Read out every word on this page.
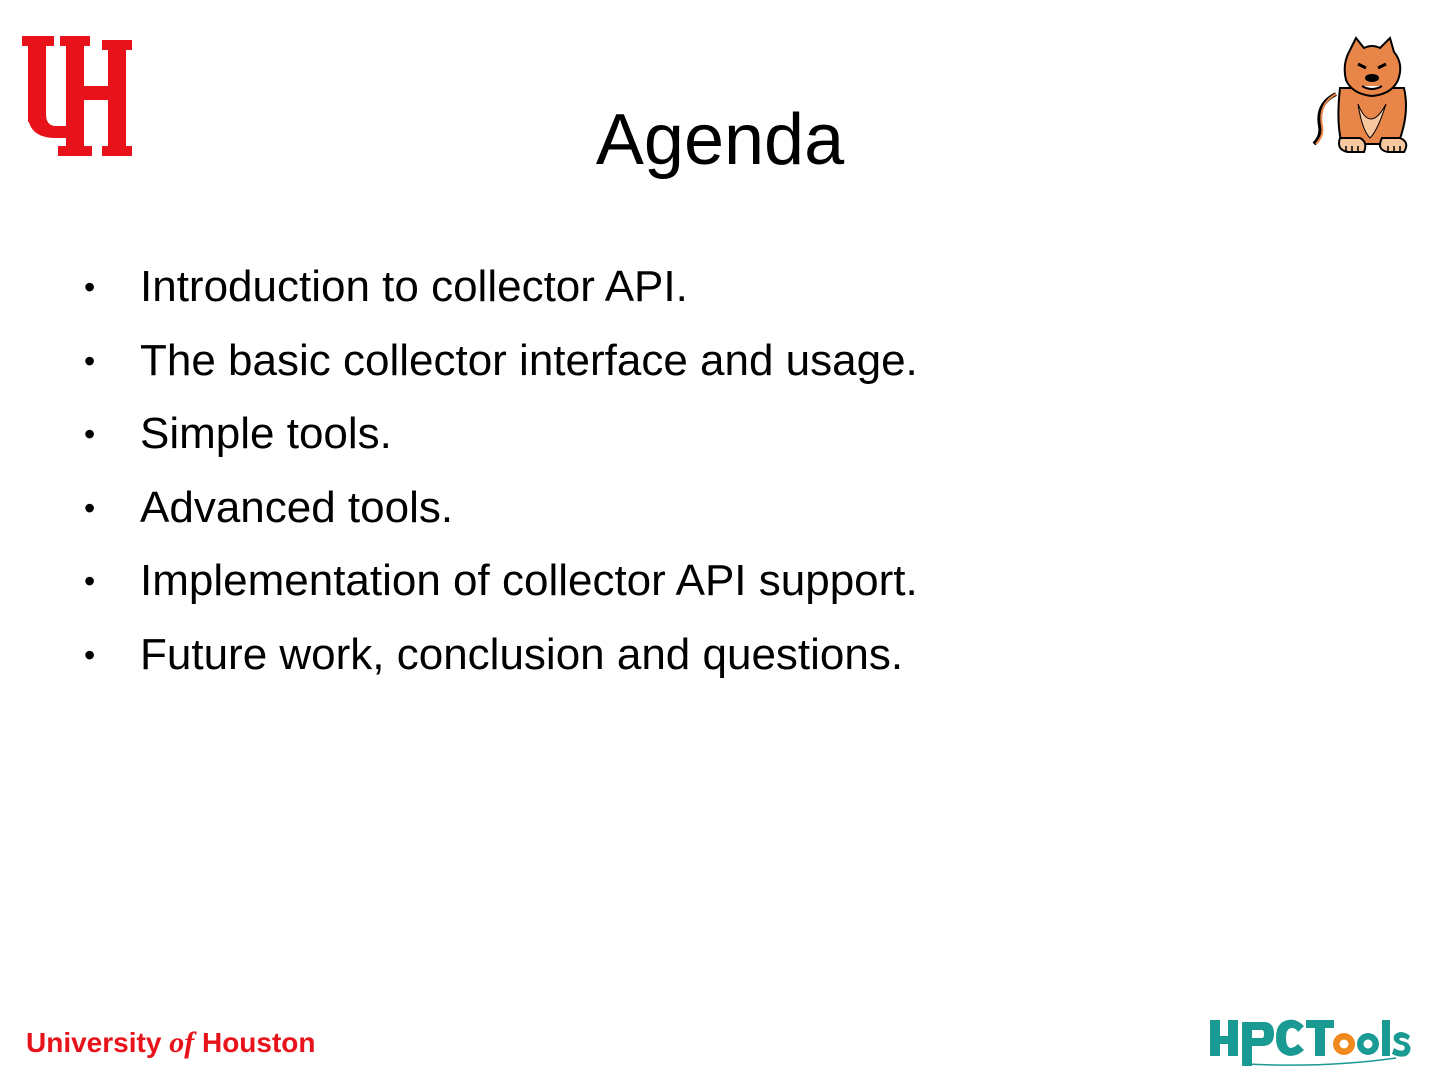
Agenda
• Introduction to collector API.
• The basic collector interface and usage.
• Simple tools.
• Advanced tools.
• Implementation of collector API support.
• Future work, conclusion and questions.
University of Houston
